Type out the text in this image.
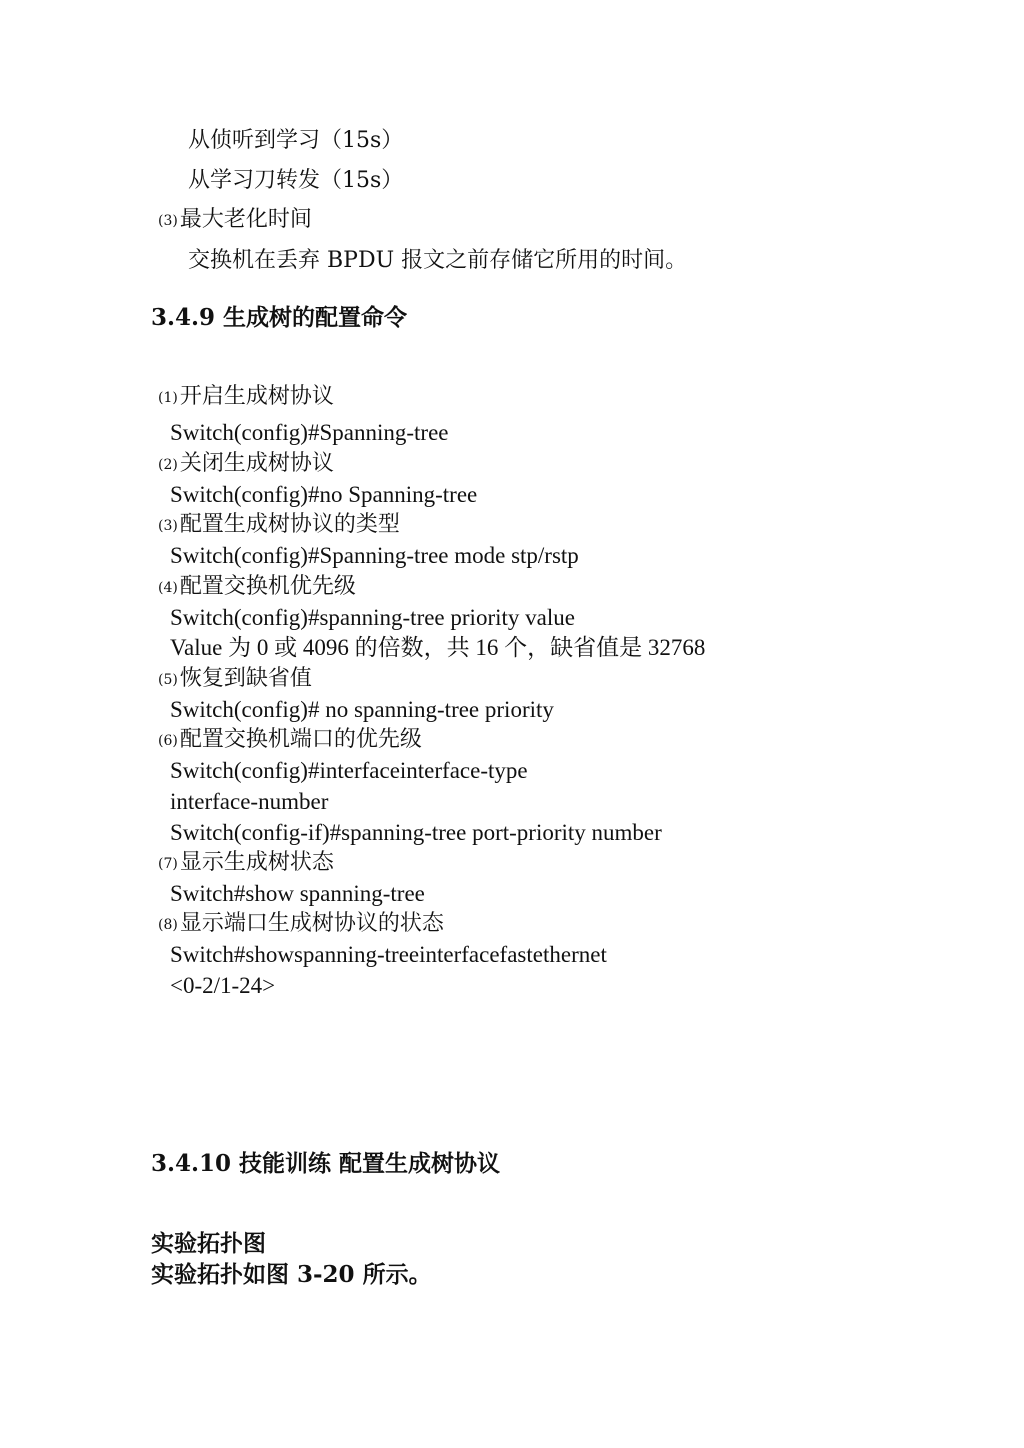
从侦听到学习（15s）
从学习刀转发（15s）
(3)最大老化时间
交换机在丢弃 BPDU 报文之前存储它所用的时间。
3.4.9 生成树的配置命令
(1)开启生成树协议
Switch(config)#Spanning-tree
(2)关闭生成树协议
Switch(config)#no Spanning-tree
(3)配置生成树协议的类型
Switch(config)#Spanning-tree mode stp/rstp
(4)配置交换机优先级
Switch(config)#spanning-tree priority value
Value 为 0 或 4096 的倍数，共 16 个，缺省值是 32768
(5)恢复到缺省值
Switch(config)# no spanning-tree priority
(6)配置交换机端口的优先级
Switch(config)#interfaceinterface-type
interface-number
Switch(config-if)#spanning-tree port-priority number
(7)显示生成树状态
Switch#show spanning-tree
(8)显示端口生成树协议的状态
Switch#showspanning-treeinterfacefastethernet
<0-2/1-24>
3.4.10 技能训练 配置生成树协议
实验拓扑图
实验拓扑如图 3-20 所示。
